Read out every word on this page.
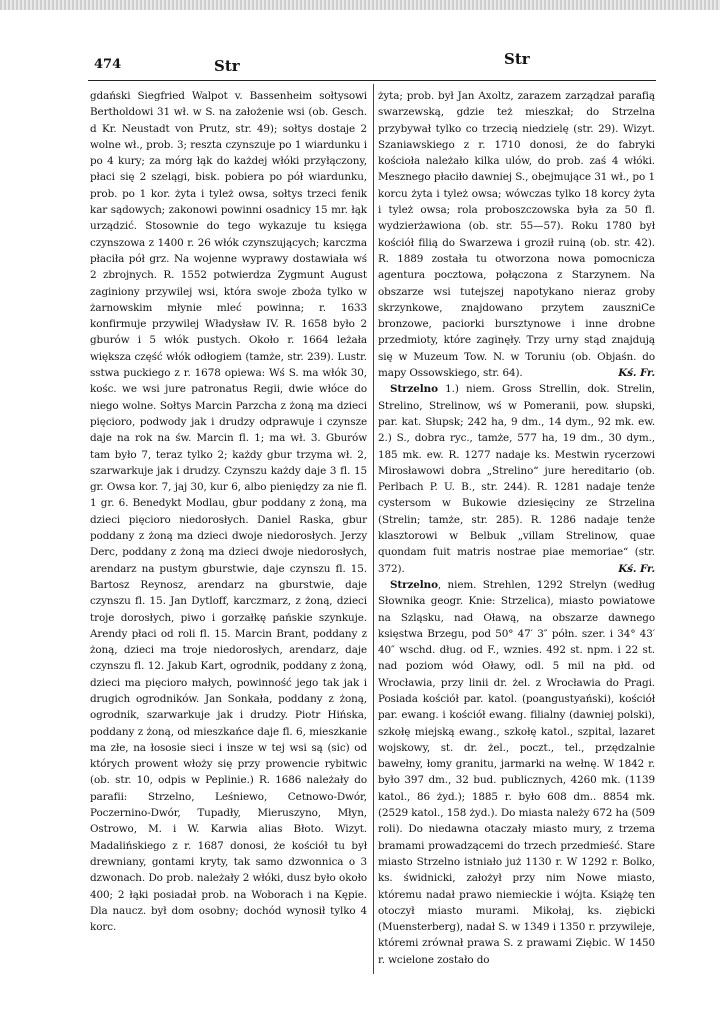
474	Str	Str

gdański Siegfried Walpot v. Bassenheim sołtysowi Bertholdowi 31 wł. w S. na założenie wsi (ob. Gesch. d Kr. Neustadt von Prutz, str. 49); sołtys dostaje 2 wolne wł., prob. 3; reszta czynszuje po 1 wiardunku i po 4 kury; za mórg łąk do każdej włóki przyłączony, płaci się 2 szelągi, bisk. pobiera po pół wiardunku, prob. po 1 kor. żyta i tyleż owsa, sołtys trzeci fenik kar sądowych; zakonowi powinni osadnicy 15 mr. łąk urządzić. Stosownie do tego wykazuje tu księga czynszowa z 1400 r. 26 włók czynszujących; karczma płaciła pół grz. Na wojenne wyprawy dostawiała wś 2 zbrojnych. R. 1552 potwierdza Zygmunt August zaginiony przywilej wsi, która swoje zboża tylko w żarnowskim młynie mleć powinna; r. 1633 konfirmuje przywilej Władysław IV. R. 1658 było 2 gburów i 5 włók pustych. Około r. 1664 leżała większa część włók odłogiem (tamże, str. 239). Lustr. sstwa puckiego z r. 1678 opiewa: Wś S. ma włók 30, kośc. we wsi jure patronatus Regii, dwie włóce do niego wolne. Sołtys Marcin Parzcha z żoną ma dzieci pięcioro, podwody jak i drudzy odprawuje i czynsze daje na rok na św. Marcin fl. 1; ma wł. 3. Gburów tam było 7, teraz tylko 2; każdy gbur trzyma wł. 2, szarwarkuje jak i drudzy. Czynszu każdy daje 3 fl. 15 gr. Owsa kor. 7, jaj 30, kur 6, albo pieniędzy za nie fl. 1 gr. 6. Benedykt Modlau, gbur poddany z żoną, ma dzieci pięcioro niedorosłych. Daniel Raska, gbur poddany z żoną ma dzieci dwoje niedorosłych. Jerzy Derc, poddany z żoną ma dzieci dwoje niedorosłych, arendarz na pustym gburstwie, daje czynszu fl. 15. Bartosz Reynosz, arendarz na gburstwie, daje czynszu fl. 15. Jan Dytloff, karczmarz, z żoną, dzieci troje dorosłych, piwo i gorzałkę pańskie szynkuje. Arendy płaci od roli fl. 15. Marcin Brant, poddany z żoną, dzieci ma troje niedorosłych, arendarz, daje czynszu fl. 12. Jakub Kart, ogrodnik, poddany z żoną, dzieci ma pięcioro małych, powinność jego tak jak i drugich ogrodników. Jan Sonkała, poddany z żoną, ogrodnik, szarwarkuje jak i drudzy. Piotr Hińska, poddany z żoną, od mieszkańce daje fl. 6, mieszkanie ma złe, na łososie sieci i insze w tej wsi są (sic) od których prowent włoży się przy prowencie rybitwic (ob. str. 10, odpis w Peplinie.) R. 1686 należały do parafii: Strzelno, Leśniewo, Cetnowo-Dwór, Poczernino-Dwór, Tupadły, Mieruszyno, Młyn, Ostrowo, M. i W. Karwia alias Błoto. Wizyt. Madalińskiego z r. 1687 donosi, że kościół tu był drewniany, gontami kryty, tak samo dzwonnica o 3 dzwonach. Do prob. należały 2 włóki, dusz było około 400; 2 łąki posiadał prob. na Woborach i na Kępie. Dla naucz. był dom osobny; dochód wynosił tylko 4 korc.

żyta; prob. był Jan Axoltz, zarazem zarządzał parafią swarzewską, gdzie też mieszkał; do Strzelna przybywał tylko co trzecią niedzielę (str. 29). Wizyt. Szaniawskiego z r. 1710 donosi, że do fabryki kościoła należało kilka ulów, do prob. zaś 4 włóki. Mesznego płaciło dawniej S., obejmujące 31 wł., po 1 korcu żyta i tyleż owsa; wówczas tylko 18 korcy żyta i tyleż owsa; rola proboszczowska była za 50 fl. wydzierżawiona (ob. str. 55—57). Roku 1780 był kościół filią do Swarzewa i groził ruiną (ob. str. 42). R. 1889 została tu otworzona nowa pomocnicza agentura pocztowa, połączona z Starzynem. Na obszarze wsi tutejszej napotykano nieraz groby skrzynkowe, znajdowano przytem zauszniCe bronzowe, paciorki bursztynowe i inne drobne przedmioty, które zaginęły. Trzy urny stąd znajdują się w Muzeum Tow. N. w Toruniu (ob. Objaśn. do mapy Ossowskiego, str. 64).	Kś. Fr.

Strzelno 1.) niem. Gross Strellin, dok. Strelin, Strelino, Strelinow, wś w Pomeranii, pow. słupski, par. kat. Słupsk; 242 ha, 9 dm., 14 dym., 92 mk. ew. 2.) S., dobra ryc., tamże, 577 ha, 19 dm., 30 dym., 185 mk. ew. R. 1277 nadaje ks. Mestwin rycerzowi Mirosławowi dobra „Strelino“ jure hereditario (ob. Perlbach P. U. B., str. 244). R. 1281 nadaje tenże cystersom w Bukowie dziesięciny ze Strzelina (Strelin; tamże, str. 285). R. 1286 nadaje tenże klasztorowi w Belbuk „villam Strelinow, quae quondam fuit matris nostrae piae memoriae“ (str. 372).	Kś. Fr.

Strzelno, niem. Strehlen, 1292 Strelyn (według Słownika geogr. Knie: Strzelica), miasto powiatowe na Szląsku, nad Oławą, na obszarze dawnego księstwa Brzegu, pod 50° 47′ 3″ półn. szer. i 34° 43′ 40″ wschd. dług. od F., wznies. 492 st. npm. i 22 st. nad poziom wód Oławy, odl. 5 mil na płd. od Wrocławia, przy linii dr. żel. z Wrocławia do Pragi. Posiada kościół par. katol. (poangustyański), kościół par. ewang. i kościół ewang. filialny (dawniej polski), szkołę miejską ewang., szkołę katol., szpital, lazaret wojskowy, st. dr. żel., poczt., tel., przędzalnie bawełny, łomy granitu, jarmarki na wełnę. W 1842 r. było 397 dm., 32 bud. publicznych, 4260 mk. (1139 katol., 86 żyd.); 1885 r. było 608 dm.. 8854 mk. (2529 katol., 158 żyd.). Do miasta należy 672 ha (509 roli). Do niedawna otaczały miasto mury, z trzema bramami prowadzącemi do trzech przedmieść. Stare miasto Strzelno istniało już 1130 r. W 1292 r. Bolko, ks. świdnicki, założył przy nim Nowe miasto, któremu nadał prawo niemieckie i wójta. Książę ten otoczył miasto murami. Mikołaj, ks. ziębicki (Muensterberg), nadał S. w 1349 i 1350 r. przywileje, któremi zrównał prawa S. z prawami Ziębic. W 1450 r. wcielone zostało do
